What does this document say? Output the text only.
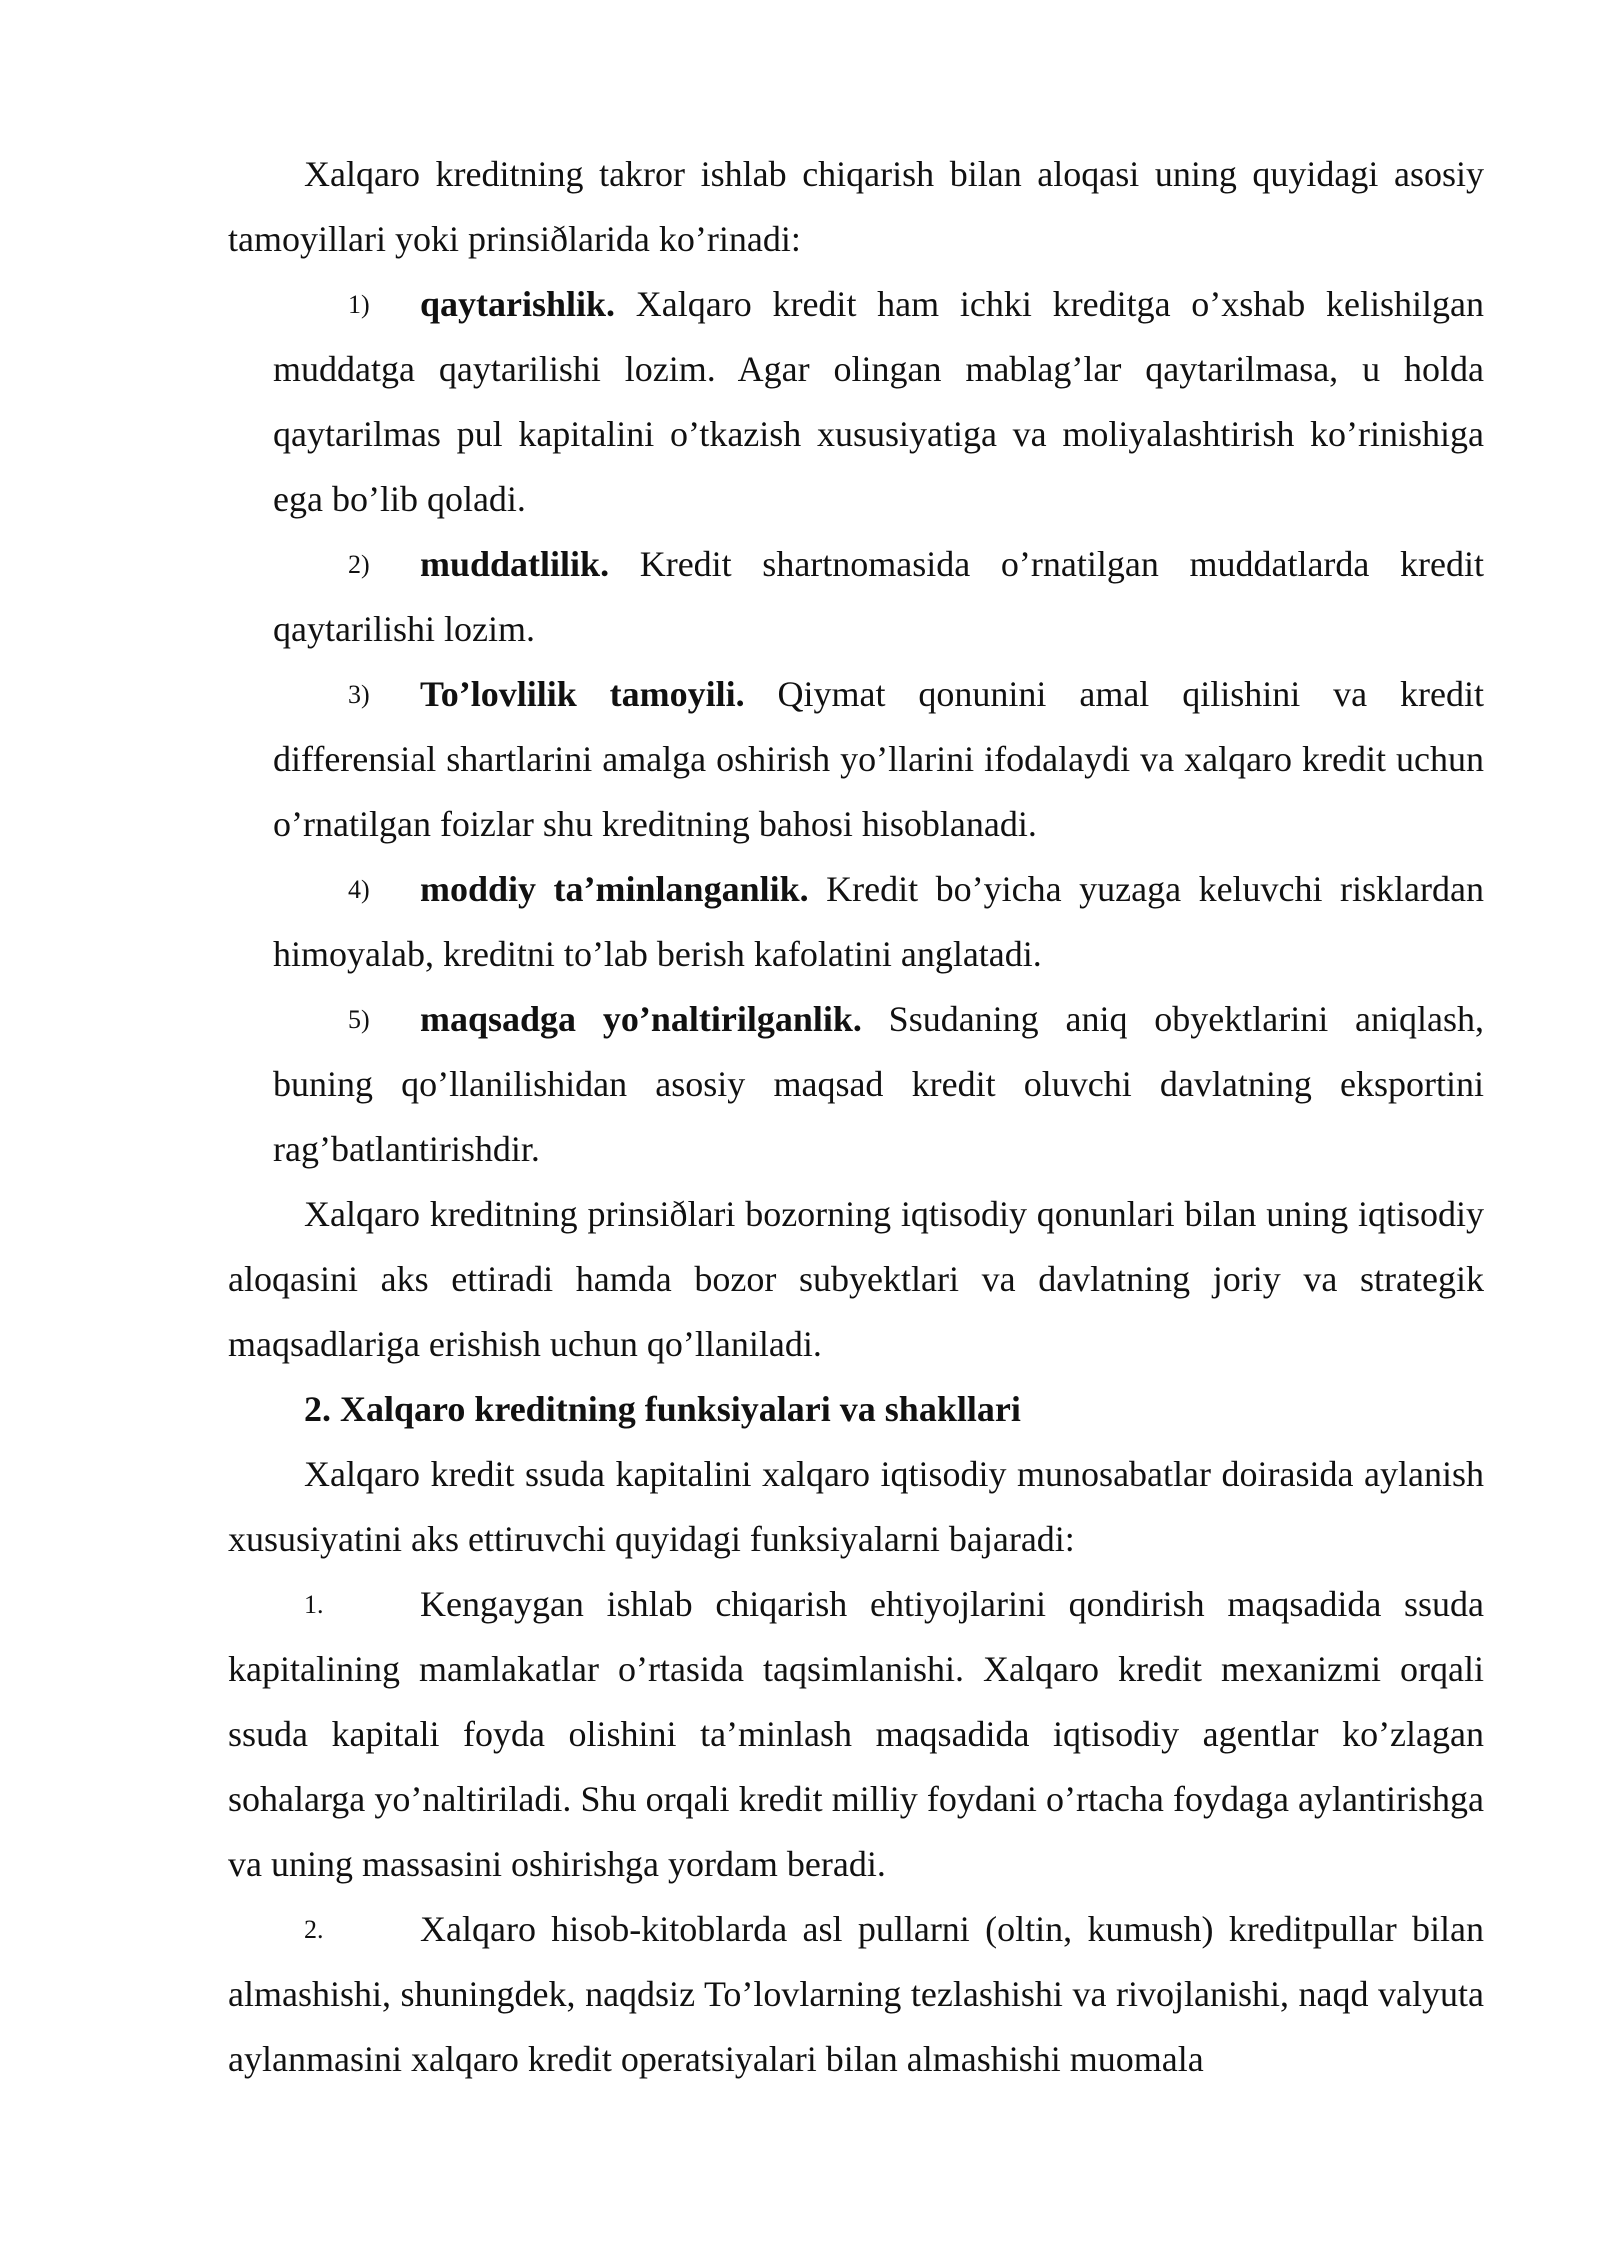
Xalqaro kreditning takror ishlab chiqarish bilan aloqasi uning quyidagi asosiy tamoyillari yoki prinsiðlarida ko’rinadi:

1)	qaytarishlik. Xalqaro kredit ham ichki kreditga o’xshab kelishilgan muddatga qaytarilishi lozim. Agar olingan mablag’lar qaytarilmasa, u holda qaytarilmas pul kapitalini o’tkazish xususiyatiga va moliyalashtirish ko’rinishiga ega bo’lib qoladi.

2)	muddatlilik. Kredit shartnomasida o’rnatilgan muddatlarda kredit qaytarilishi lozim.

3)	To’lovlilik tamoyili. Qiymat qonunini amal qilishini va kredit differensial shartlarini amalga oshirish yo’llarini ifodalaydi va xalqaro kredit uchun o’rnatilgan foizlar shu kreditning bahosi hisoblanadi.

4)	moddiy ta’minlanganlik. Kredit bo’yicha yuzaga keluvchi risklardan himoyalab, kreditni to’lab berish kafolatini anglatadi.

5)	maqsadga yo’naltirilganlik. Ssudaning aniq obyektlarini aniqlash, buning qo’llanilishidan asosiy maqsad kredit oluvchi davlatning eksportini rag’batlantirishdir.

Xalqaro kreditning prinsiðlari bozorning iqtisodiy qonunlari bilan uning iqtisodiy aloqasini aks ettiradi hamda bozor subyektlari va davlatning joriy va strategik maqsadlariga erishish uchun qo’llaniladi.

2. Xalqaro kreditning funksiyalari va shakllari

Xalqaro kredit ssuda kapitalini xalqaro iqtisodiy munosabatlar doirasida aylanish xususiyatini aks ettiruvchi quyidagi funksiyalarni bajaradi:

1.	Kengaygan ishlab chiqarish ehtiyojlarini qondirish maqsadida ssuda kapitalining mamlakatlar o’rtasida taqsimlanishi. Xalqaro kredit mexanizmi orqali ssuda kapitali foyda olishini ta’minlash maqsadida iqtisodiy agentlar ko’zlagan sohalarga yo’naltiriladi. Shu orqali kredit milliy foydani o’rtacha foydaga aylantirishga va uning massasini oshirishga yordam beradi.

2.	Xalqaro hisob-kitoblarda asl pullarni (oltin, kumush) kreditpullar bilan almashishi, shuningdek, naqdsiz To’lovlarning tezlashishi va rivojlanishi, naqd valyuta aylanmasini xalqaro kredit operatsiyalari bilan almashishi muomala
